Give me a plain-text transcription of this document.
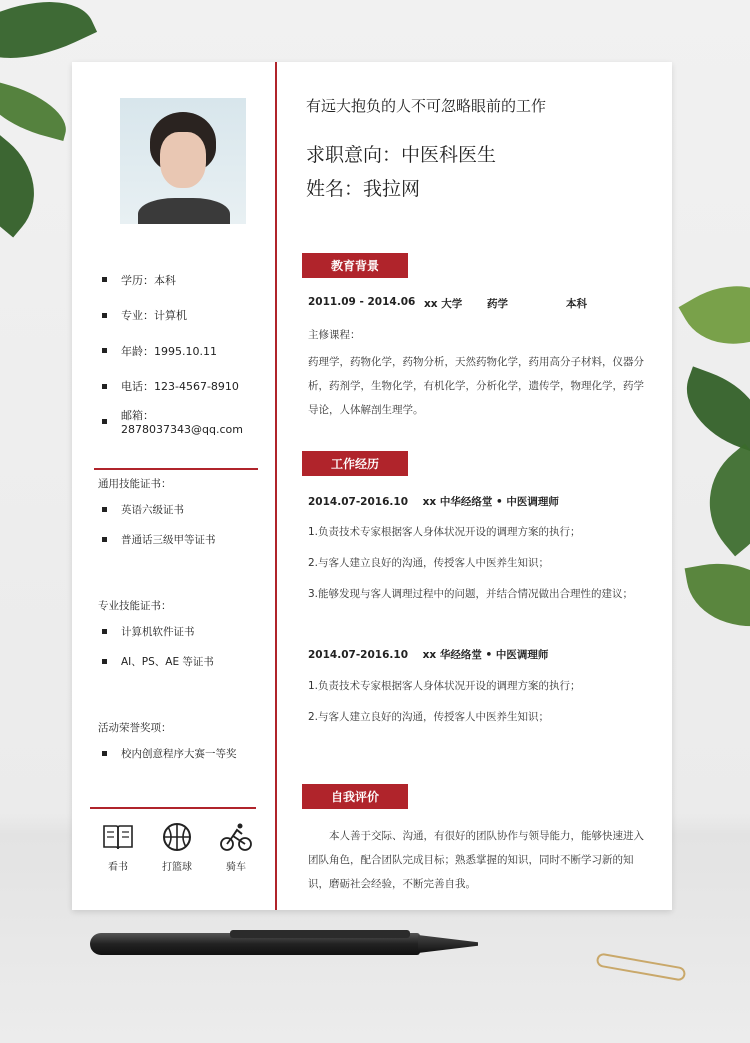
学历：本科
专业：计算机
年龄：1995.10.11
电话：123-4567-8910
邮箱：2878037343@qq.com
通用技能证书：
英语六级证书
普通话三级甲等证书
专业技能证书：
计算机软件证书
AI、PS、AE 等证书
活动荣誉奖项：
校内创意程序大赛一等奖
看书	打篮球	骑车
有远大抱负的人不可忽略眼前的工作
求职意向：中医科医生
姓名：我拉网
教育背景
2011.09 - 2014.06 xx 大学 药学	本科
主修课程：
药理学，药物化学，药物分析，天然药物化学，药用高分子材料，仪器分析，药剂学，生物化学，有机化学，分析化学，遗传学，物理化学，药学导论，人体解剖生理学。
工作经历
2014.07-2016.10    xx 中华经络堂 • 中医调理师
1.负责技术专家根据客人身体状况开设的调理方案的执行；
2.与客人建立良好的沟通，传授客人中医养生知识；
3.能够发现与客人调理过程中的问题，并结合情况做出合理性的建议；
2014.07-2016.10    xx 华经络堂 • 中医调理师
1.负责技术专家根据客人身体状况开设的调理方案的执行；
2.与客人建立良好的沟通，传授客人中医养生知识；
自我评价
本人善于交际、沟通，有很好的团队协作与领导能力，能够快速进入团队角色，配合团队完成目标；熟悉掌握的知识，同时不断学习新的知识，磨砺社会经验，不断完善自我。
